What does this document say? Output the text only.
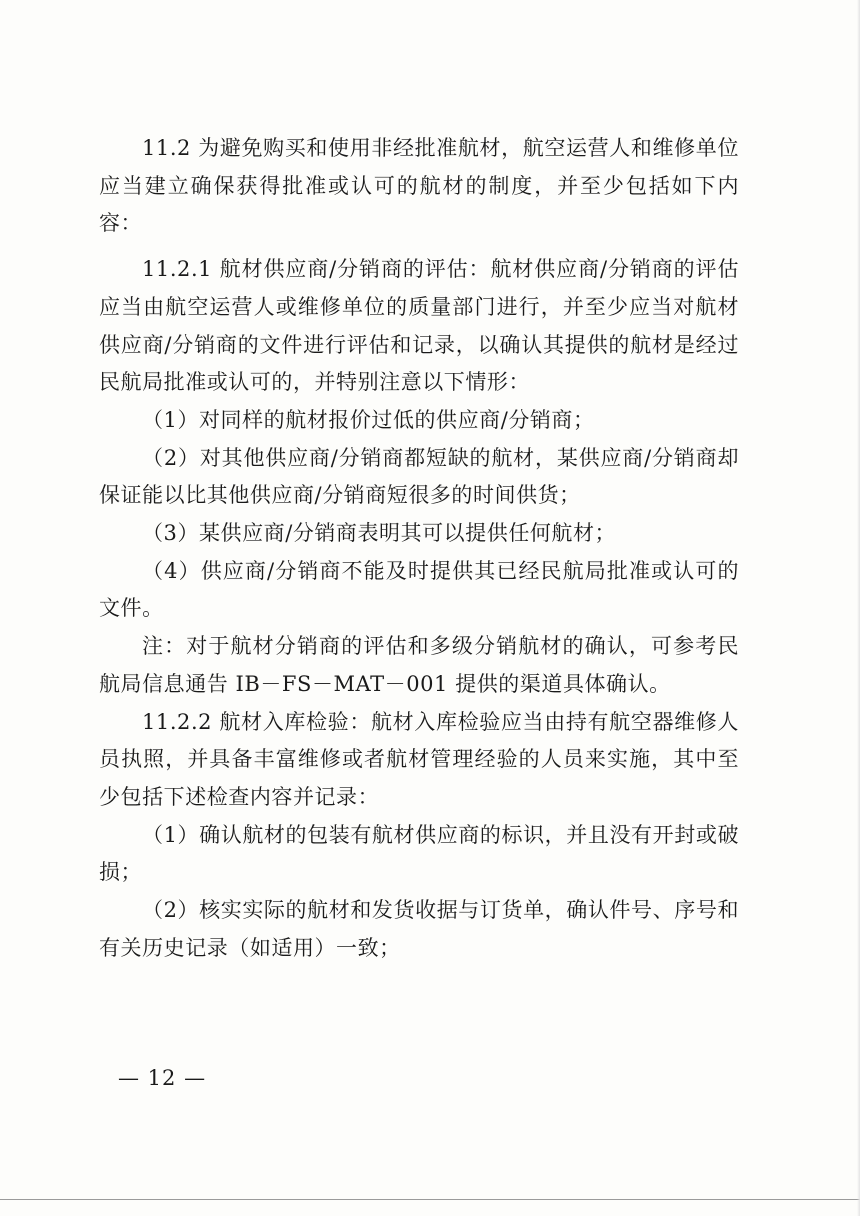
11.2 为避免购买和使用非经批准航材，航空运营人和维修单位应当建立确保获得批准或认可的航材的制度，并至少包括如下内容：

11.2.1 航材供应商/分销商的评估：航材供应商/分销商的评估应当由航空运营人或维修单位的质量部门进行，并至少应当对航材供应商/分销商的文件进行评估和记录，以确认其提供的航材是经过民航局批准或认可的，并特别注意以下情形：

（1）对同样的航材报价过低的供应商/分销商；

（2）对其他供应商/分销商都短缺的航材，某供应商/分销商却保证能以比其他供应商/分销商短很多的时间供货；

（3）某供应商/分销商表明其可以提供任何航材；

（4）供应商/分销商不能及时提供其已经民航局批准或认可的文件。

注：对于航材分销商的评估和多级分销航材的确认，可参考民航局信息通告 IB－FS－MAT－001 提供的渠道具体确认。

11.2.2 航材入库检验：航材入库检验应当由持有航空器维修人员执照，并具备丰富维修或者航材管理经验的人员来实施，其中至少包括下述检查内容并记录：

（1）确认航材的包装有航材供应商的标识，并且没有开封或破损；

（2）核实实际的航材和发货收据与订货单，确认件号、序号和有关历史记录（如适用）一致；

— 12 —
